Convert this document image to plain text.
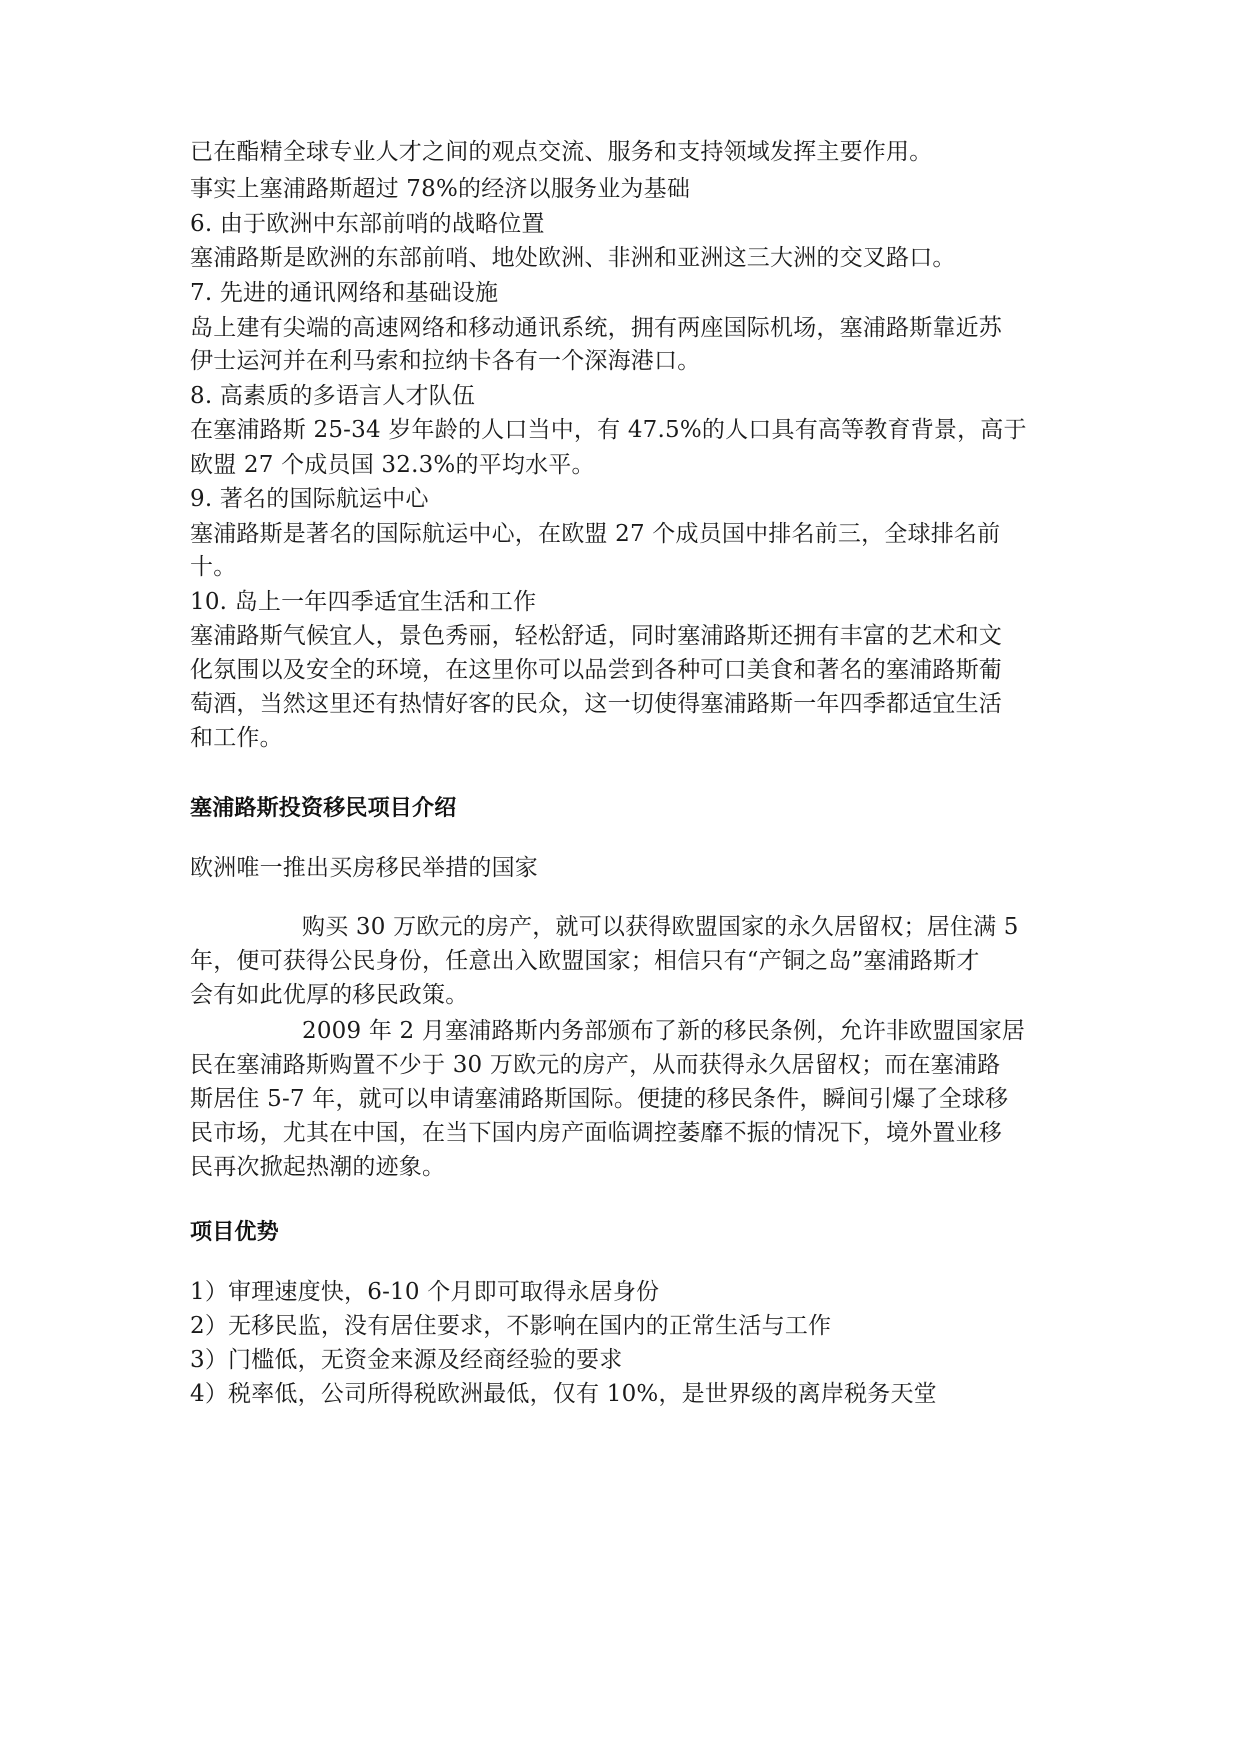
已在酯精全球专业人才之间的观点交流、服务和支持领域发挥主要作用。
事实上塞浦路斯超过 78%的经济以服务业为基础
6. 由于欧洲中东部前哨的战略位置
塞浦路斯是欧洲的东部前哨、地处欧洲、非洲和亚洲这三大洲的交叉路口。
7. 先进的通讯网络和基础设施
岛上建有尖端的高速网络和移动通讯系统，拥有两座国际机场，塞浦路斯靠近苏
伊士运河并在利马索和拉纳卡各有一个深海港口。
8. 高素质的多语言人才队伍
在塞浦路斯 25-34 岁年龄的人口当中，有 47.5%的人口具有高等教育背景，高于
欧盟 27 个成员国 32.3%的平均水平。
9. 著名的国际航运中心
塞浦路斯是著名的国际航运中心，在欧盟 27 个成员国中排名前三，全球排名前
十。
10. 岛上一年四季适宜生活和工作
塞浦路斯气候宜人，景色秀丽，轻松舒适，同时塞浦路斯还拥有丰富的艺术和文
化氛围以及安全的环境，在这里你可以品尝到各种可口美食和著名的塞浦路斯葡
萄酒，当然这里还有热情好客的民众，这一切使得塞浦路斯一年四季都适宜生活
和工作。
塞浦路斯投资移民项目介绍
欧洲唯一推出买房移民举措的国家
购买 30 万欧元的房产，就可以获得欧盟国家的永久居留权；居住满 5
年，便可获得公民身份，任意出入欧盟国家；相信只有“产铜之岛”塞浦路斯才
会有如此优厚的移民政策。
2009 年 2 月塞浦路斯内务部颁布了新的移民条例，允许非欧盟国家居
民在塞浦路斯购置不少于 30 万欧元的房产，从而获得永久居留权；而在塞浦路
斯居住 5-7 年，就可以申请塞浦路斯国际。便捷的移民条件，瞬间引爆了全球移
民市场，尤其在中国，在当下国内房产面临调控萎靡不振的情况下，境外置业移
民再次掀起热潮的迹象。
项目优势
1）审理速度快，6-10 个月即可取得永居身份
2）无移民监，没有居住要求，不影响在国内的正常生活与工作
3）门槛低，无资金来源及经商经验的要求
4）税率低，公司所得税欧洲最低，仅有 10%，是世界级的离岸税务天堂
